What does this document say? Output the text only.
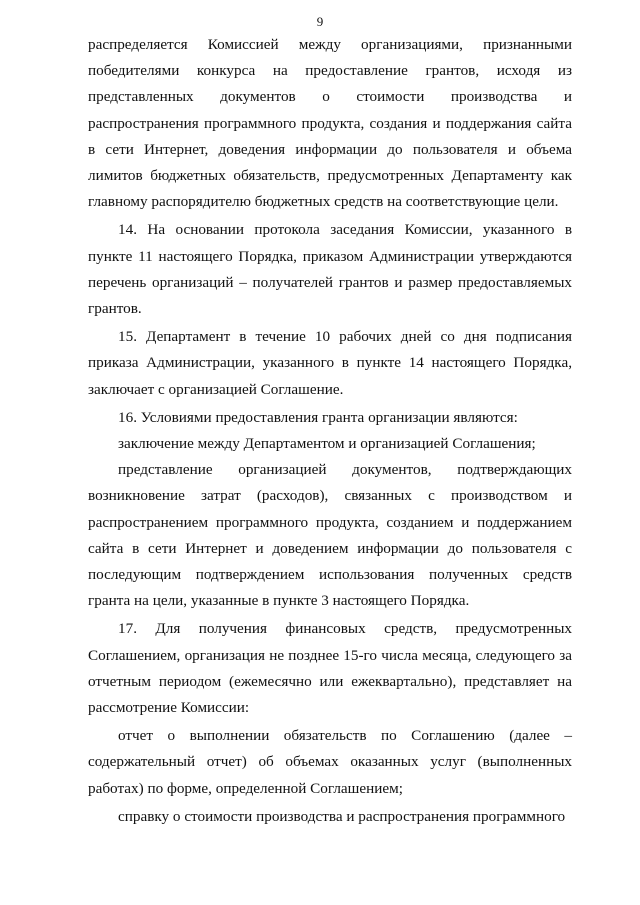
9

распределяется Комиссией между организациями, признанными победителями конкурса на предоставление грантов, исходя из представленных документов о стоимости производства и распространения программного продукта, создания и поддержания сайта в сети Интернет, доведения информации до пользователя и объема лимитов бюджетных обязательств, предусмотренных Департаменту как главному распорядителю бюджетных средств на соответствующие цели.

14. На основании протокола заседания Комиссии, указанного в пункте 11 настоящего Порядка, приказом Администрации утверждаются перечень организаций – получателей грантов и размер предоставляемых грантов.

15. Департамент в течение 10 рабочих дней со дня подписания приказа Администрации, указанного в пункте 14 настоящего Порядка, заключает с организацией Соглашение.

16. Условиями предоставления гранта организации являются:

заключение между Департаментом и организацией Соглашения;

представление организацией документов, подтверждающих возникновение затрат (расходов), связанных с производством и распространением программного продукта, созданием и поддержанием сайта в сети Интернет и доведением информации до пользователя с последующим подтверждением использования полученных средств гранта на цели, указанные в пункте 3 настоящего Порядка.

17. Для получения финансовых средств, предусмотренных Соглашением, организация не позднее 15-го числа месяца, следующего за отчетным периодом (ежемесячно или ежеквартально), представляет на рассмотрение Комиссии:

отчет о выполнении обязательств по Соглашению (далее – содержательный отчет) об объемах оказанных услуг (выполненных работах) по форме, определенной Соглашением;

справку о стоимости производства и распространения программного
